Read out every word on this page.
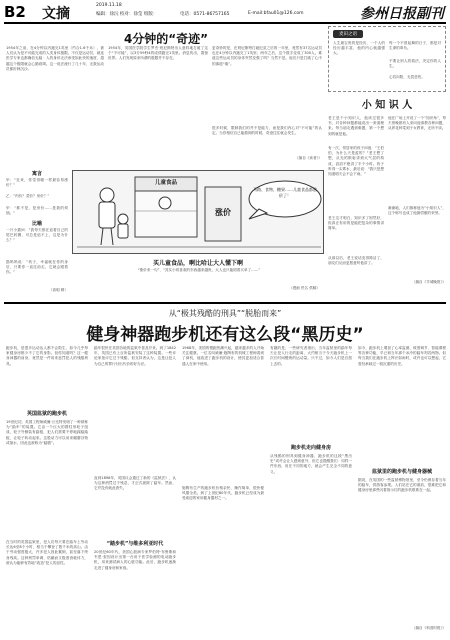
B2 文摘
2019.11.18
编辑：徐沅 校对：徐莹 组版：	电话：0571-86757165	E-mail:bfau01@126.com	参州日报副刊
4分钟的“奇迹”
1954年之前，在4分钟以内跑完1英里（约合1.6千米），被人们认为是不可能完成的人类身体极限。不仅是运动员，就连医学专家也都确信无疑：人的身体无法承受如此快的速度，超越这个极限就会心肺衰竭。这一说法流行了几十年，无数运动员都折戟沉沙。
1954年，英国医学院学生罗杰·班尼斯特出人意料地打破了这个“不可能”，以3分59秒4的成绩跑完1英里。消息传出，震惊世界。人们发现原来所谓的极限并不存在。
更奇妙的是，在班尼斯特打破纪录之后的一年里，竟然有37名运动员也在4分钟以内跑完了1英里；两年之后，这个数字变成了300人。难道这些运动员的身体突然变强了吗？当然不是。他们只是打破了心中的那道“墙”。
很多时候，限制我们的并不是能力，而是我们内心对“不可能”的认定。当你相信自己能做到的时候，奇迹往往就会发生。
（摘自《读者》）
麦田之语
人生最宝贵的是经历，一个人的经历越丰富，他的内心就越强大。
每一个不曾起舞的日子，都是对生命的辜负。
不要让别人的看法，决定你的人生。
心若向阳，无畏悲伤。
小 知 识 人
老王是个小知识人，他读过很多书，对各种问题都能说出一套道理来。每当朋友遇到难题，第一个想到的就是他。
有一次，邻居家的孩子问他：“王伯伯，为什么天是蓝的？”老王想了想，从光的散射讲到大气层的构成，滔滔不绝讲了半个小时。孩子听得一头雾水，最后说：“我只是想知道明天会不会下雨。”
老王这才明白，知识多了固然好，但真正有用的是能把复杂的事情讲简单。
从那以后，老王说话变得简洁了，朋友们反而更愿意听他讲了。
他在广场上开设了一个“知识角”，每天傍晚都有人来向他请教各种问题，从养花种菜到子女教育，无所不谈。
渐渐地，人们都称他为“小知识人”，这个称号也成了他最骄傲的荣誉。
（摘自《羊城晚报》）
寓言
甲：“近来，你觉得哪一样最容易涨价？”
乙：“肉价？菜价？房价？”
甲：“都不是，是房价……是我的烦恼。”
比喻
一只小猫问：“我每天都在追着自己的尾巴转圈，可总是追不上，这是为什么？”
猫妈妈说：“孩子，幸福就在你的身后，只要你一直往前走，它就会跟着你。”
（高明 辑）
儿童食品
涨价
马路、食物、糖果……儿童食品都涨价了！
买儿童食品，啊比哈让大人懂下啊
“涨价来一句”、“其实小孩喜欢的东西越来越贵，大人也只能陪着买单了……”
（漫画 佚名 供稿）
从“极其残酷的刑具”“脱胎而来”
健身神器跑步机还有这么段“黑历史”
跑步机，是很多运动达人都不会陌生，如今几乎每家健身房都少不了它的身影。但你知道吗？这一健身神器的前身，竟然是一件用来惩罚犯人的残酷刑具。
英国监狱的跑步机
19世纪初，英国工程师威廉·丘比特发明了一种被称为“踏车”的装置。它由一个巨大的圆柱形轮子组成，轮子外侧装有踏板，犯人们需要不停地踩踏踏板，让轮子转动起来。这股动力可以用来碾磨谷物或抽水，因此也被称为“踏磨”。
在当时的英国监狱里，犯人们每天要在踏车上劳动长达6至8个小时，相当于攀登了数千米的高山。由于劳动强度极大，许多犯人因此累倒，甚至落下终身残疾。这种刑罚单调、枯燥而又极度消耗体力，被认为能够有效地“改造”犯人的品性。
踏车很快在英国各地的监狱中普及开来。到了1842年，英国已有上百所监狱安装了这种装置。一些评论家批评它过于残酷，但支持者认为，这是让犯人为自己的罪行付出代价的好办法。
直到1898年，英国议会通过了新的《监狱法》，认为这种刑罚过于残忍，才正式废除了踏车。然而，它并没有就此消失。
“踏步机”与维多利亚时代
20世纪60年代，美国心脏病专家罗伯特·布鲁斯和韦恩·奎因设计出第一台用于医学检测的电动跑步机，用来测试病人的心脏功能。此后，跑步机逐渐走进了健身房和家庭。
1968年，美国的慢跑热潮兴起，越来越多的人开始关注健康。一位名叫威廉·施陶布的机械工程师看到了商机，他改进了跑步机的设计，使其更加适合普通人在家中使用。
施陶布生产的跑步机价格亲民、操作简单，很快便风靡全美。到了上世纪80年代，跑步机已经成为最受欢迎的家用健身器材之一。
有趣的是，一些研究者指出，当年监狱里的踏车每天让犯人行走的距离，大约相当于今天跑步机上一次长时间锻炼的运动量。只不过，如今人们是自愿上去的。
跑步机走向健身房
从残酷的刑具到健身神器，跑步机的这段“黑历史”或许会让人感到意外，但它也提醒我们：同样一件东西，用在不同的地方，就会产生完全不同的意义。
如今，跑步机上增加了心率监测、坡度调节、智能课程等各种功能，早已和当年那个冰冷的踏车判若两物。但每当我们在跑步机上挥汗如雨时，或许也可以想起，它曾经承载过一段沉重的历史。
监狱里的跑步机与健身器械
据说，在英国的一些监狱博物馆里，至今仍保存着当年的踏车，供游客参观。人们站在它的面前，很难把它和健身房里那些闪着指示灯的跑步机联系在一起。
（摘自《科普时报》）
